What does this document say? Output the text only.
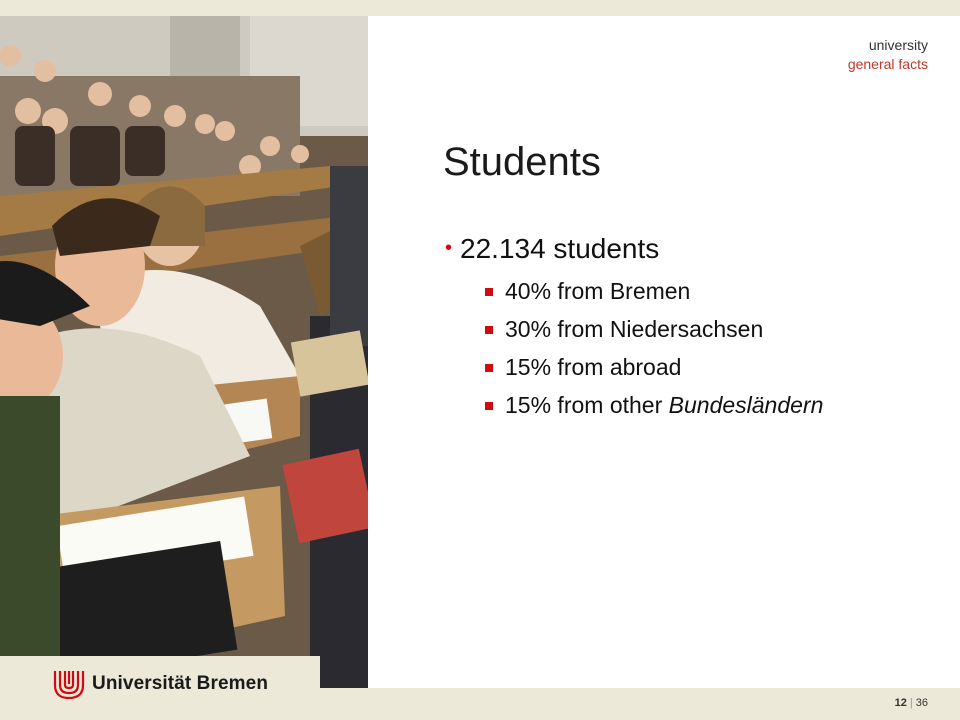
university
general facts
Students
• 22.134 students
40% from Bremen
30% from Niedersachsen
15% from abroad
15% from other Bundesländern
Universität Bremen
12 | 36
